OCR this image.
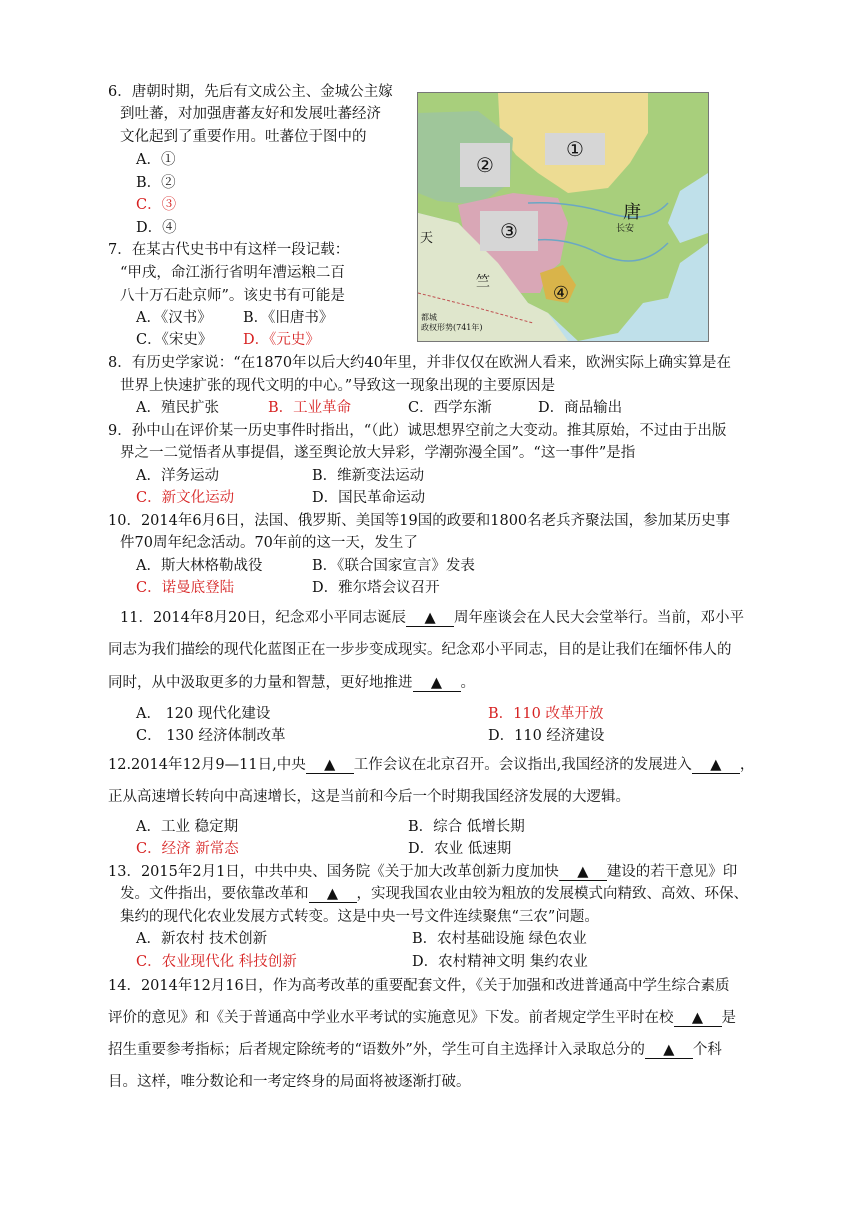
6．唐朝时期，先后有文成公主、金城公主嫁
到吐蕃，对加强唐蕃友好和发展吐蕃经济
文化起到了重要作用。吐蕃位于图中的
A．①
B．②
C．③
D．④
①
②
③
④
唐
长安
天
竺
都城
政权形势(741年)
7．在某古代史书中有这样一段记载：
“甲戌，命江浙行省明年漕运粮二百
八十万石赴京师”。该史书有可能是
A．《汉书》 B．《旧唐书》
C．《宋史》 D．《元史》
8．有历史学家说：“在1870年以后大约40年里，并非仅仅在欧洲人看来，欧洲实际上确实算是在
世界上快速扩张的现代文明的中心。”导致这一现象出现的主要原因是
A．殖民扩张	B．工业革命	C．西学东渐	D．商品输出
9．孙中山在评价某一历史事件时指出，“（此）诚思想界空前之大变动。推其原始，不过由于出版
界之一二觉悟者从事提倡，遂至舆论放大异彩，学潮弥漫全国”。“这一事件”是指
A．洋务运动	B．维新变法运动
C．新文化运动	D．国民革命运动
10．2014年6月6日，法国、俄罗斯、美国等19国的政要和1800名老兵齐聚法国，参加某历史事
件70周年纪念活动。70年前的这一天，发生了
A．斯大林格勒战役	B．《联合国家宣言》发表
C．诺曼底登陆	D．雅尔塔会议召开
11．2014年8月20日，纪念邓小平同志诞辰 ▲ 周年座谈会在人民大会堂举行。当前，邓小平
同志为我们描绘的现代化蓝图正在一步步变成现实。纪念邓小平同志，目的是让我们在缅怀伟人的
同时，从中汲取更多的力量和智慧，更好地推进 ▲ 。
A． 120 现代化建设	B．110 改革开放
C． 130 经济体制改革	D．110 经济建设
12.2014年12月9—11日,中央 ▲ 工作会议在北京召开。会议指出,我国经济的发展进入 ▲ ，
正从高速增长转向中高速增长，这是当前和今后一个时期我国经济发展的大逻辑。
A．工业 稳定期	B．综合 低增长期
C．经济 新常态	D．农业 低速期
13．2015年2月1日，中共中央、国务院《关于加大改革创新力度加快 ▲ 建设的若干意见》印
发。文件指出，要依靠改革和 ▲ ，实现我国农业由较为粗放的发展模式向精致、高效、环保、
集约的现代化农业发展方式转变。这是中央一号文件连续聚焦“三农”问题。
A．新农村 技术创新	B．农村基础设施 绿色农业
C．农业现代化 科技创新	D．农村精神文明 集约农业
14．2014年12月16日，作为高考改革的重要配套文件，《关于加强和改进普通高中学生综合素质
评价的意见》和《关于普通高中学业水平考试的实施意见》下发。前者规定学生平时在校 ▲ 是
招生重要参考指标；后者规定除统考的“语数外”外，学生可自主选择计入录取总分的 ▲ 个科
目。这样，唯分数论和一考定终身的局面将被逐渐打破。
